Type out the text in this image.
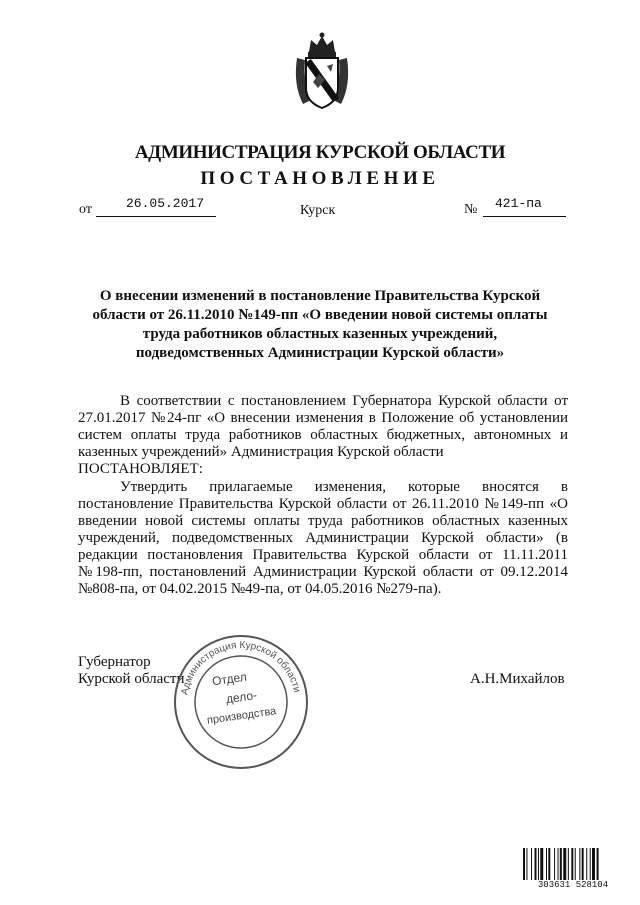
АДМИНИСТРАЦИЯ КУРСКОЙ ОБЛАСТИ
ПОСТАНОВЛЕНИЕ
от	26.05.2017	Курск	№ 421-па
О внесении изменений в постановление Правительства Курской
области от 26.11.2010 №149-пп «О введении новой системы оплаты
труда работников областных казенных учреждений,
подведомственных Администрации Курской области»
В соответствии с постановлением Губернатора Курской области от 27.01.2017 №24-пг «О внесении изменения в Положение об установлении систем оплаты труда работников областных бюджетных, автономных и казенных учреждений» Администрация Курской области
ПОСТАНОВЛЯЕТ:
Утвердить прилагаемые изменения, которые вносятся в постановление Правительства Курской области от 26.11.2010 №149-пп «О введении новой системы оплаты труда работников областных казенных учреждений, подведомственных Администрации Курской области» (в редакции постановления Правительства Курской области от 11.11.2011 №198-пп, постановлений Администрации Курской области от 09.12.2014 №808-па, от 04.02.2015 №49-па, от 04.05.2016 №279-па).
Губернатор
Курской области	А.Н.Михайлов
Администрация Курской области
Отдел
дело-
производства
303631 528104
